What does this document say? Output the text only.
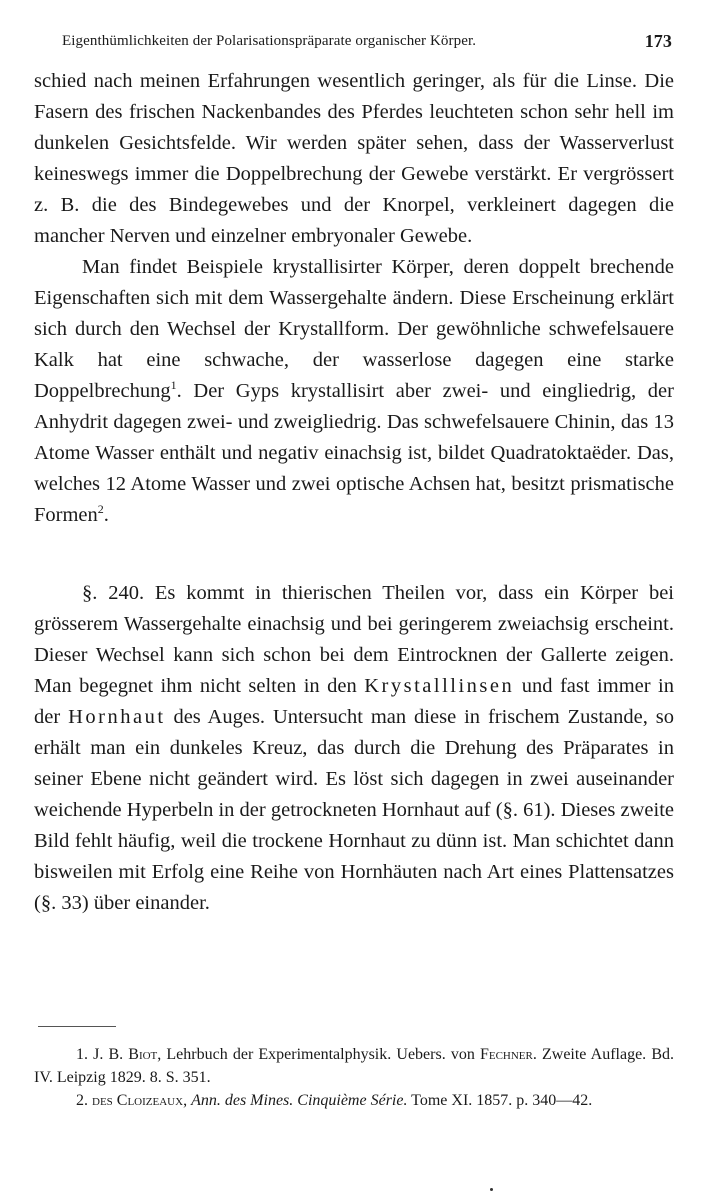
Eigenthümlichkeiten der Polarisationspräparate organischer Körper.	173

schied nach meinen Erfahrungen wesentlich geringer, als für die Linse. Die Fasern des frischen Nackenbandes des Pferdes leuchteten schon sehr hell im dunkelen Gesichtsfelde. Wir werden später sehen, dass der Wasserverlust keineswegs immer die Doppelbrechung der Gewebe verstärkt. Er vergrössert z. B. die des Bindegewebes und der Knorpel, verkleinert dagegen die mancher Nerven und einzelner embryonaler Gewebe.

Man findet Beispiele krystallisirter Körper, deren doppelt brechende Eigenschaften sich mit dem Wassergehalte ändern. Diese Erscheinung erklärt sich durch den Wechsel der Krystallform. Der gewöhnliche schwefelsauere Kalk hat eine schwache, der wasserlose dagegen eine starke Doppelbrechung$^1$. Der Gyps krystallisirt aber zwei- und eingliedrig, der Anhydrit dagegen zwei- und zweigliedrig. Das schwefelsauere Chinin, das 13 Atome Wasser enthält und negativ einachsig ist, bildet Quadratoktaëder. Das, welches 12 Atome Wasser und zwei optische Achsen hat, besitzt prismatische Formen$^2$.

§. 240. Es kommt in thierischen Theilen vor, dass ein Körper bei grösserem Wassergehalte einachsig und bei geringerem zweiachsig erscheint. Dieser Wechsel kann sich schon bei dem Eintrocknen der Gallerte zeigen. Man begegnet ihm nicht selten in den Krystalllinsen und fast immer in der Hornhaut des Auges. Untersucht man diese in frischem Zustande, so erhält man ein dunkeles Kreuz, das durch die Drehung des Präparates in seiner Ebene nicht geändert wird. Es löst sich dagegen in zwei auseinander weichende Hyperbeln in der getrockneten Hornhaut auf (§. 61). Dieses zweite Bild fehlt häufig, weil die trockene Hornhaut zu dünn ist. Man schichtet dann bisweilen mit Erfolg eine Reihe von Hornhäuten nach Art eines Plattensatzes (§. 33) über einander.

1. J. B. Biot, Lehrbuch der Experimentalphysik. Uebers. von Fechner. Zweite Auflage. Bd. IV. Leipzig 1829. 8. S. 351.

2. des Cloizeaux, Ann. des Mines. Cinquième Série. Tome XI. 1857. p. 340—42.
